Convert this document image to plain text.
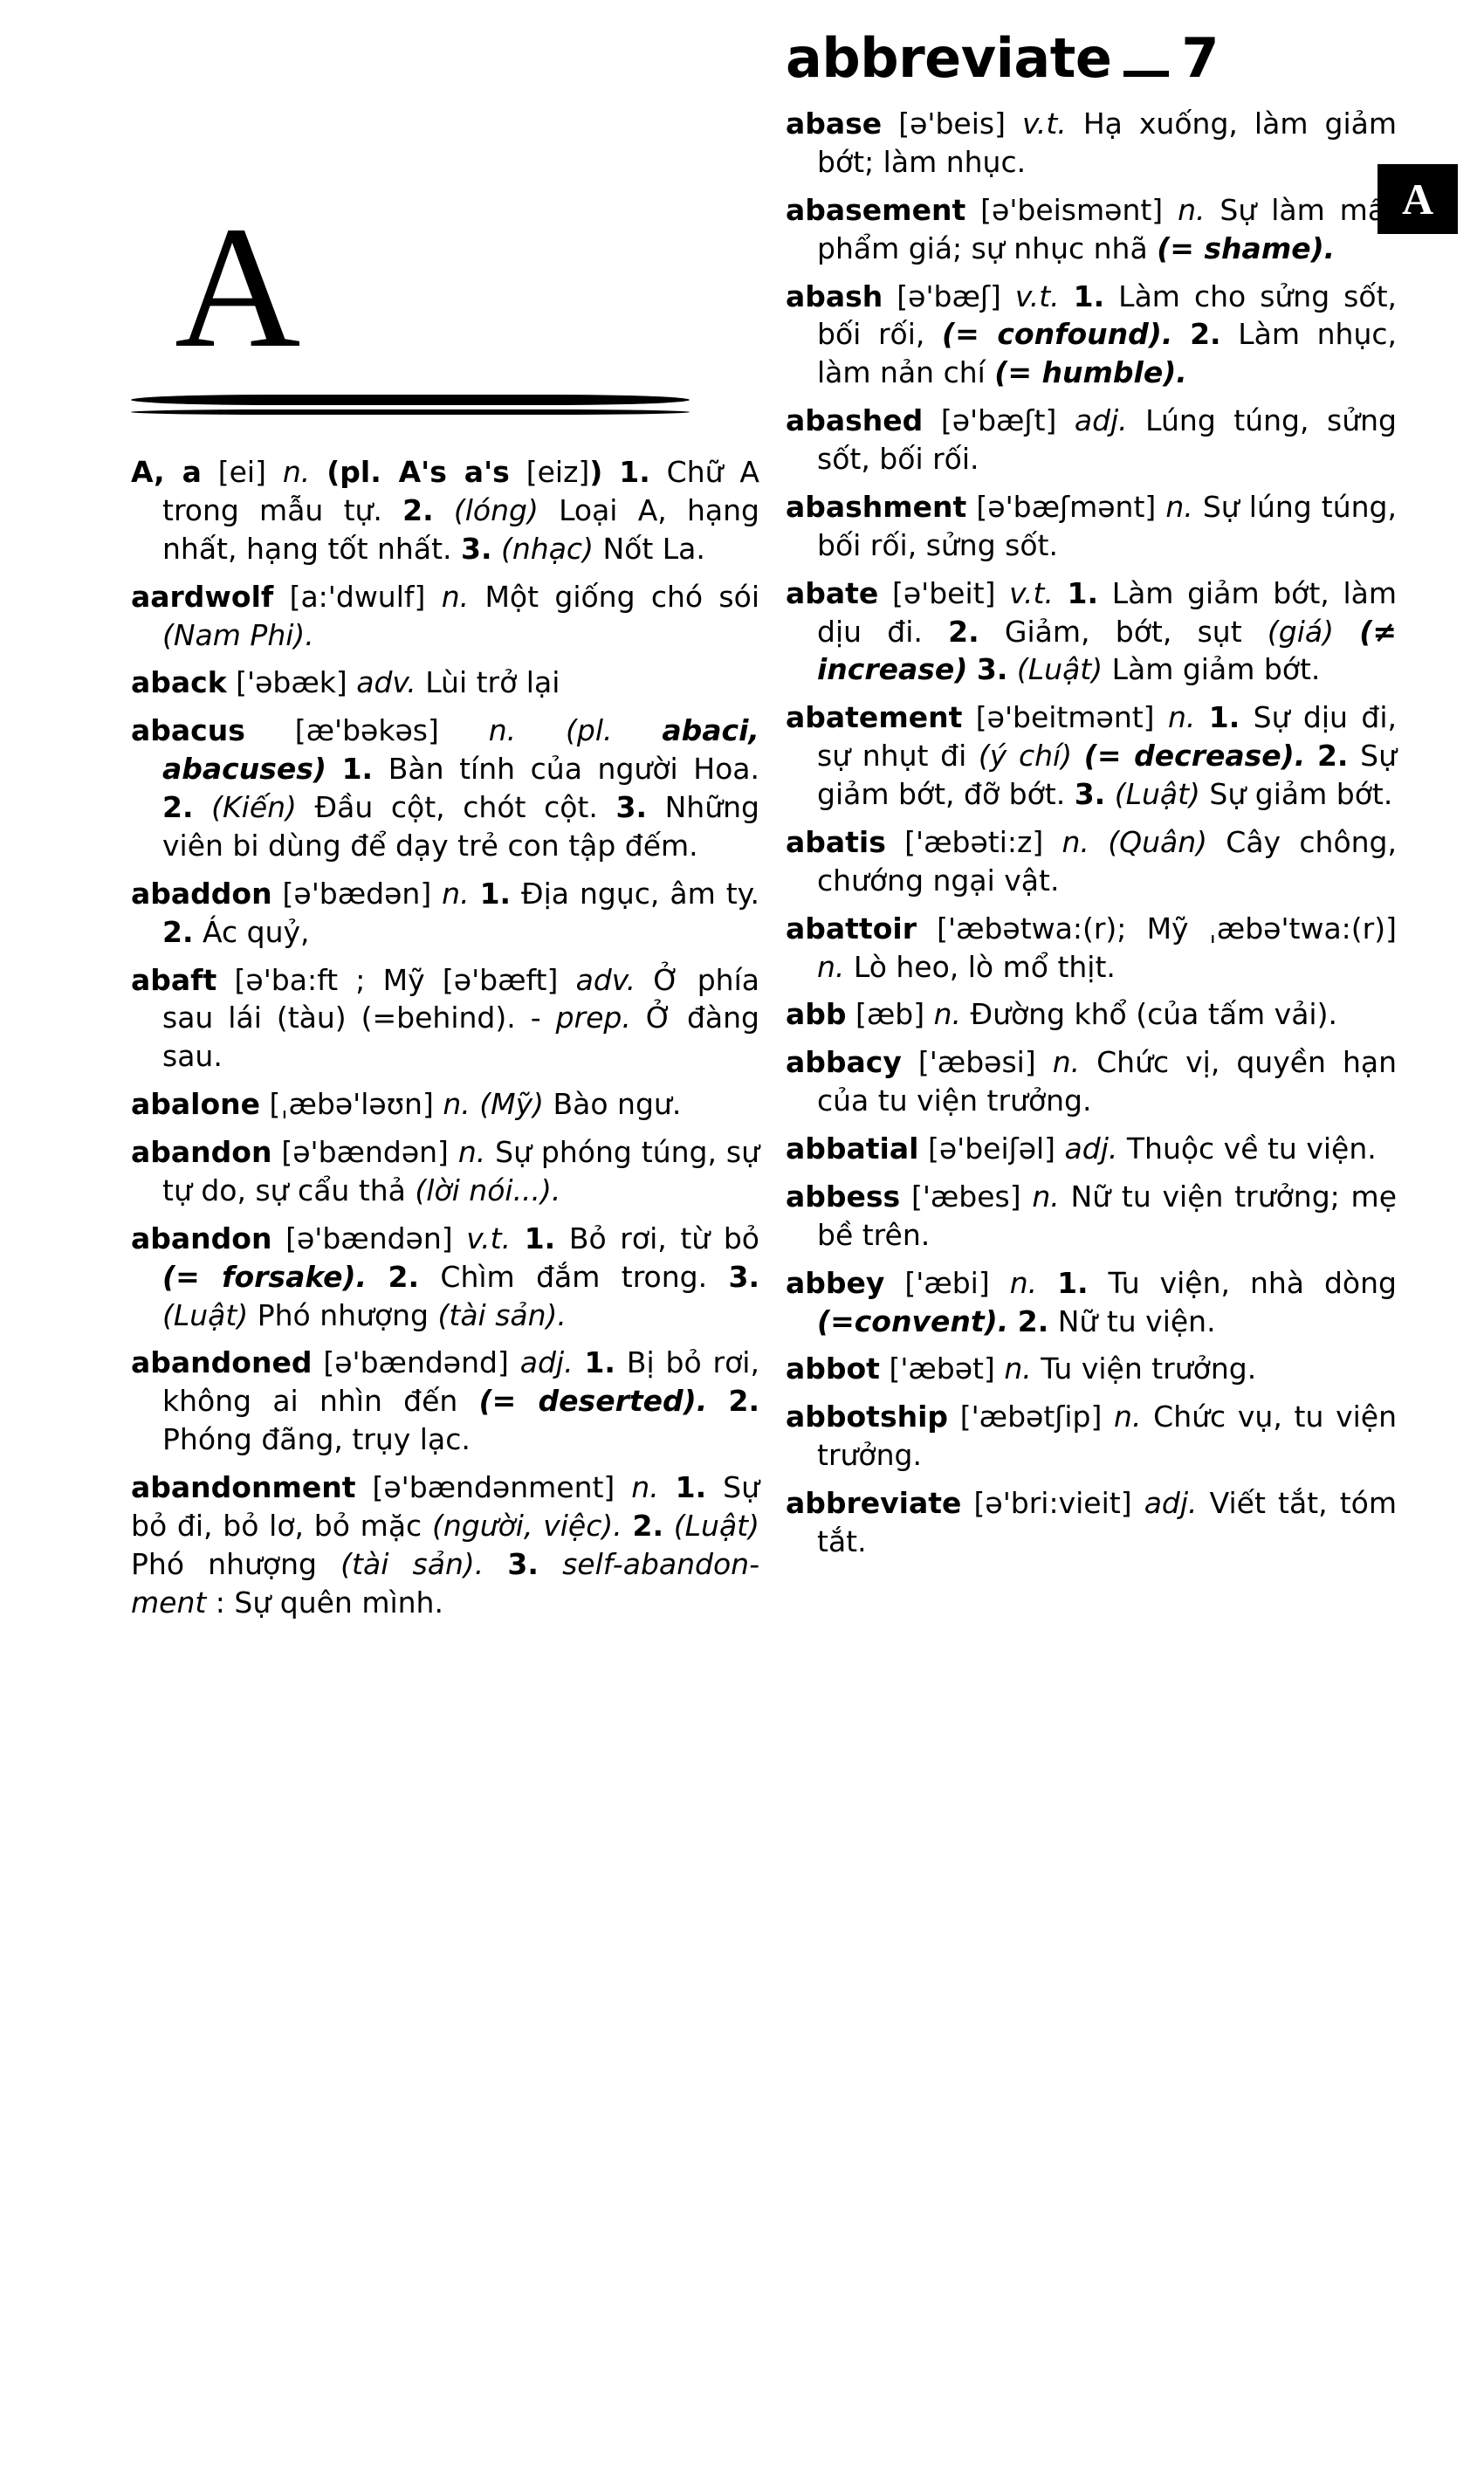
abbreviate 7
A
A
A, a [ei] n. (pl. A's a's [eiz]) 1. Chữ A trong mẫu tự. 2. (lóng) Loại A, hạng nhất, hạng tốt nhất. 3. (nhạc) Nốt La.
aardwolf [a:'dwulf] n. Một giống chó sói (Nam Phi).
aback ['əbæk] adv. Lùi trở lại
abacus [æ'bəkəs] n. (pl. abaci, abacuses) 1. Bàn tính của người Hoa. 2. (Kiến) Đầu cột, chót cột. 3. Những viên bi dùng để dạy trẻ con tập đếm.
abaddon [ə'bædən] n. 1. Địa ngục, âm ty. 2. Ác quỷ,
abaft [ə'ba:ft ; Mỹ [ə'bæft] adv. Ở phía sau lái (tàu) (=behind). - prep. Ở đàng sau.
abalone [ˌæbə'ləʊn] n. (Mỹ) Bào ngư.
abandon [ə'bændən] n. Sự phóng túng, sự tự do, sự cẩu thả (lời nói...).
abandon [ə'bændən] v.t. 1. Bỏ rơi, từ bỏ (= forsake). 2. Chìm đắm trong. 3. (Luật) Phó nhượng (tài sản).
abandoned [ə'bændənd] adj. 1. Bị bỏ rơi, không ai nhìn đến (= deserted). 2. Phóng đãng, trụy lạc.
abandonment [ə'bændənment] n. 1. Sự bỏ đi, bỏ lơ, bỏ mặc (người, việc). 2. (Luật) Phó nhượng (tài sản). 3. self-abandon-ment : Sự quên mình.
abase [ə'beis] v.t. Hạ xuống, làm giảm bớt; làm nhục.
abasement [ə'beismənt] n. Sự làm mất phẩm giá; sự nhục nhã (= shame).
abash [ə'bæʃ] v.t. 1. Làm cho sửng sốt, bối rối, (= confound). 2. Làm nhục, làm nản chí (= humble).
abashed [ə'bæʃt] adj. Lúng túng, sửng sốt, bối rối.
abashment [ə'bæʃmənt] n. Sự lúng túng, bối rối, sửng sốt.
abate [ə'beit] v.t. 1. Làm giảm bớt, làm dịu đi. 2. Giảm, bớt, sụt (giá) (≠ increase) 3. (Luật) Làm giảm bớt.
abatement [ə'beitmənt] n. 1. Sự dịu đi, sự nhụt đi (ý chí) (= decrease). 2. Sự giảm bớt, đỡ bớt. 3. (Luật) Sự giảm bớt.
abatis ['æbəti:z] n. (Quân) Cây chông, chướng ngại vật.
abattoir ['æbətwa:(r); Mỹ ˌæbə'twa:(r)] n. Lò heo, lò mổ thịt.
abb [æb] n. Đường khổ (của tấm vải).
abbacy ['æbəsi] n. Chức vị, quyền hạn của tu viện trưởng.
abbatial [ə'beiʃəl] adj. Thuộc về tu viện.
abbess ['æbes] n. Nữ tu viện trưởng; mẹ bề trên.
abbey ['æbi] n. 1. Tu viện, nhà dòng (=convent). 2. Nữ tu viện.
abbot ['æbət] n. Tu viện trưởng.
abbotship ['æbətʃip] n. Chức vụ, tu viện trưởng.
abbreviate [ə'bri:vieit] adj. Viết tắt, tóm tắt.
